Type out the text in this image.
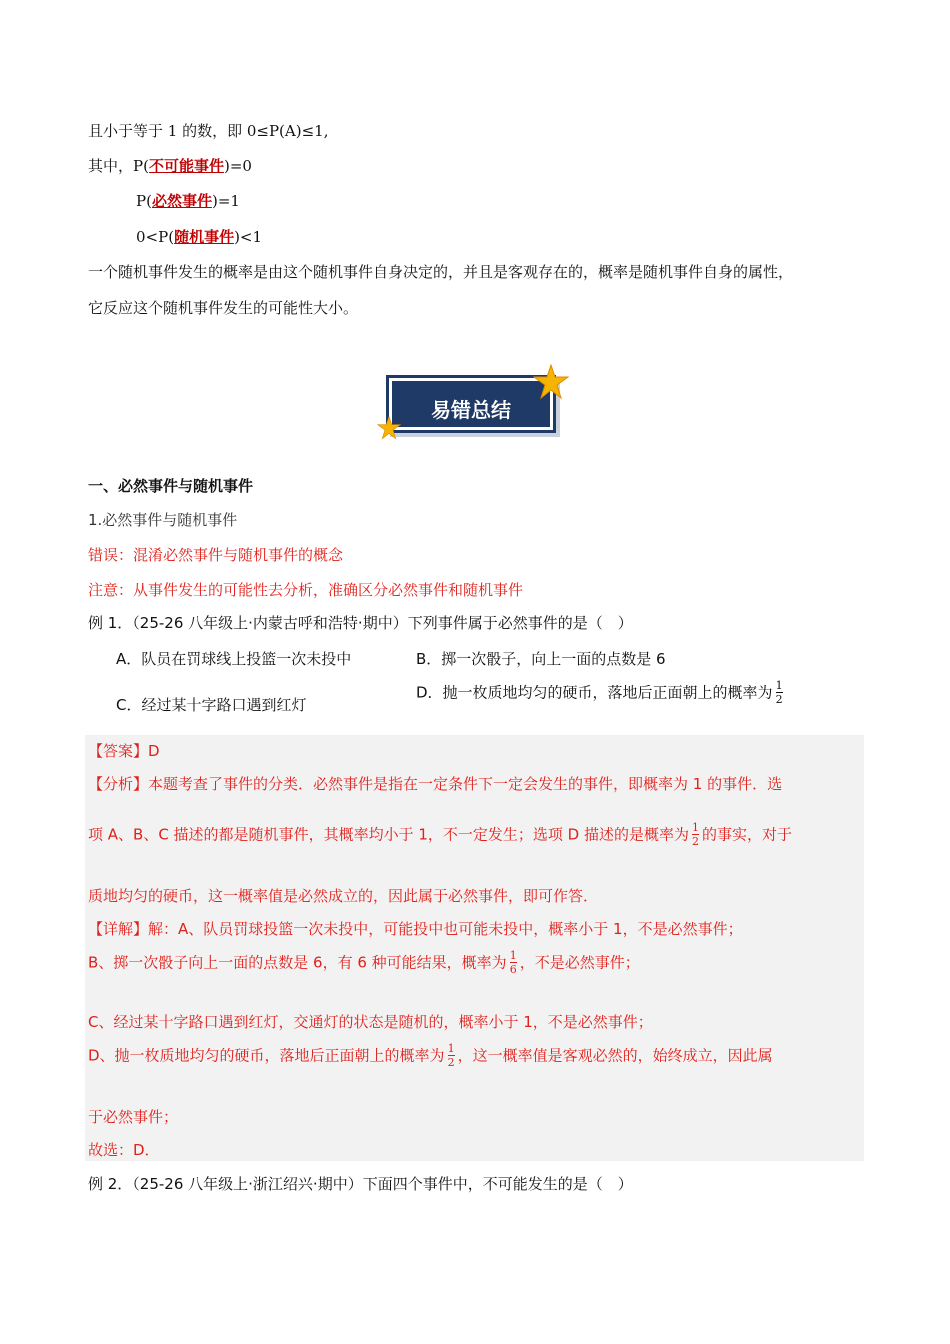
且小于等于 1 的数，即 0≤P(A)≤1,
其中，P(不可能事件)=0
P(必然事件)=1
0<P(随机事件)<1
一个随机事件发生的概率是由这个随机事件自身决定的，并且是客观存在的，概率是随机事件自身的属性，
它反应这个随机事件发生的可能性大小。
易错总结
一、必然事件与随机事件
1.必然事件与随机事件
错误：混淆必然事件与随机事件的概念
注意：从事件发生的可能性去分析，准确区分必然事件和随机事件
例 1．（25-26 八年级上·内蒙古呼和浩特·期中）下列事件属于必然事件的是（　）
A．队员在罚球线上投篮一次未投中	B．掷一次骰子，向上一面的点数是 6
C．经过某十字路口遇到红灯
D．抛一枚质地均匀的硬币，落地后正面朝上的概率为 $\frac{1}{2}$
【答案】D
【分析】本题考查了事件的分类．必然事件是指在一定条件下一定会发生的事件，即概率为 1 的事件．选
项 A、B、C 描述的都是随机事件，其概率均小于 1，不一定发生；选项 D 描述的是概率为 $\frac{1}{2}$ 的事实，对于
质地均匀的硬币，这一概率值是必然成立的，因此属于必然事件，即可作答．
【详解】解：A、队员罚球投篮一次未投中，可能投中也可能未投中，概率小于 1，不是必然事件；
B、掷一次骰子向上一面的点数是 6，有 6 种可能结果，概率为 $\frac{1}{6}$ ，不是必然事件；
C、经过某十字路口遇到红灯，交通灯的状态是随机的，概率小于 1，不是必然事件；
D、抛一枚质地均匀的硬币，落地后正面朝上的概率为 $\frac{1}{2}$ ，这一概率值是客观必然的，始终成立，因此属
于必然事件；
故选：D．
例 2．（25-26 八年级上·浙江绍兴·期中）下面四个事件中，不可能发生的是（　）
